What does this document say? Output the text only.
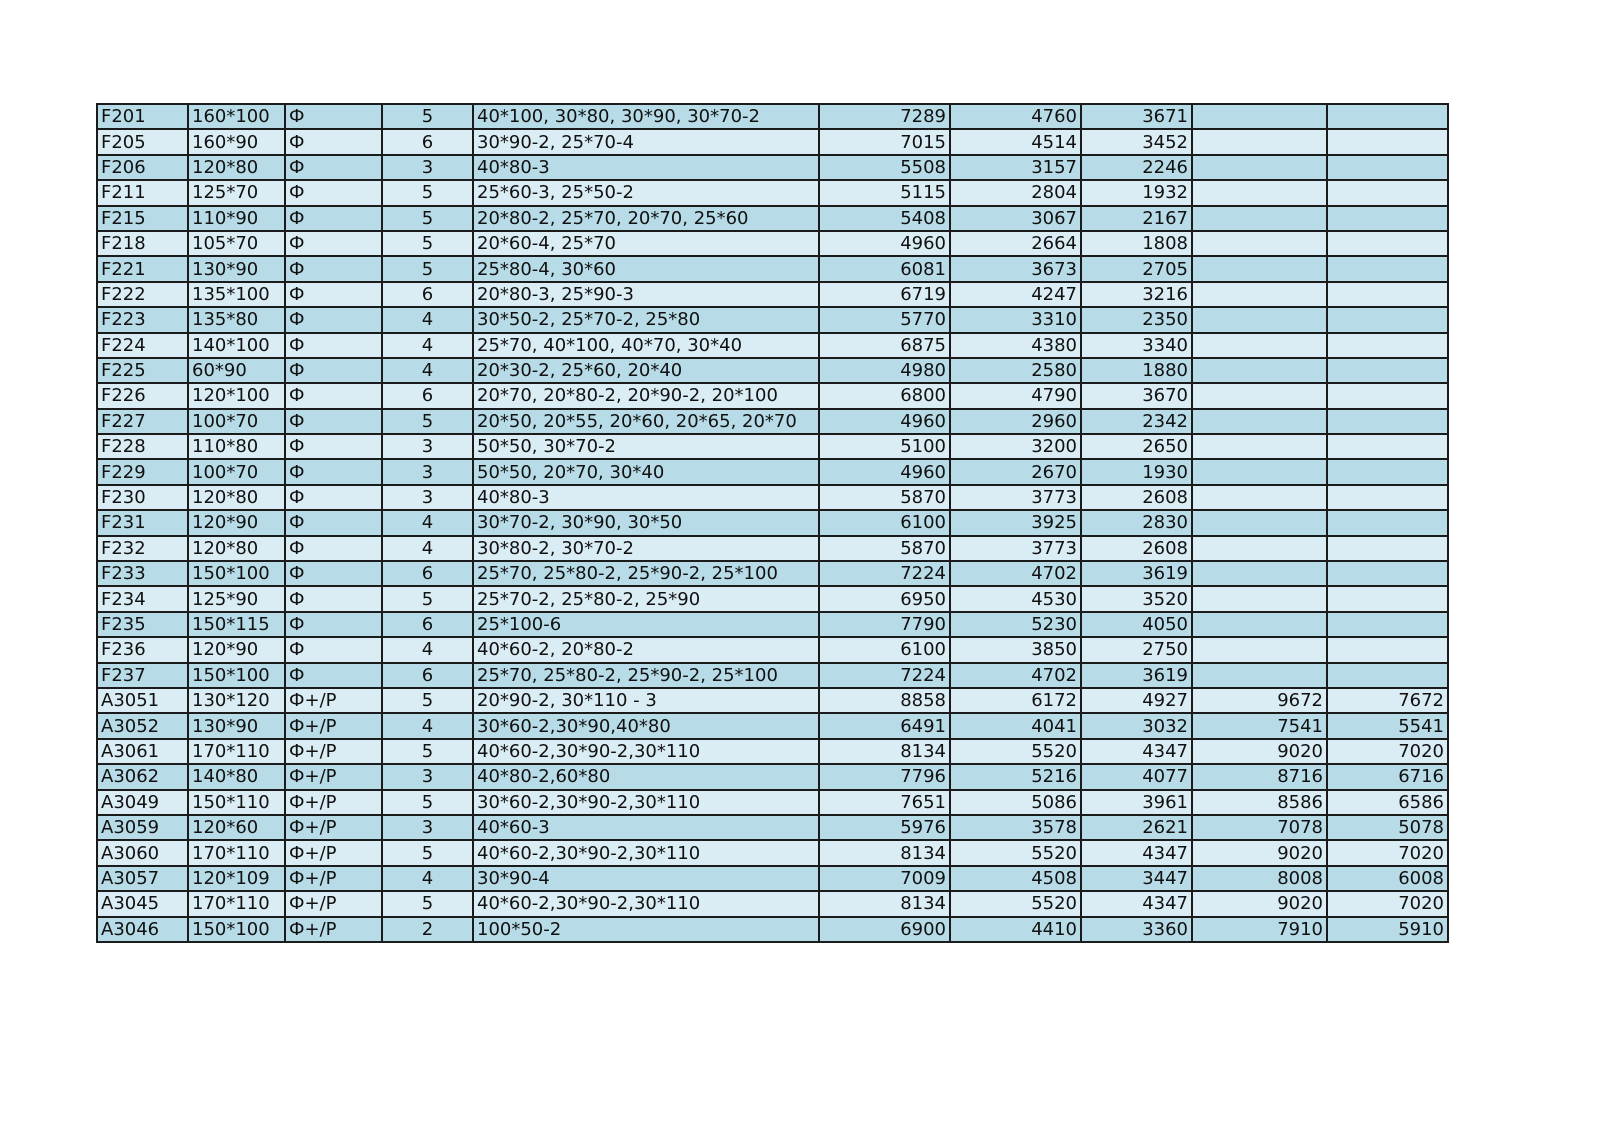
F201	160*100	Ф	5	40*100, 30*80, 30*90, 30*70-2	7289	4760	3671		
F205	160*90	Ф	6	30*90-2, 25*70-4	7015	4514	3452		
F206	120*80	Ф	3	40*80-3	5508	3157	2246		
F211	125*70	Ф	5	25*60-3, 25*50-2	5115	2804	1932		
F215	110*90	Ф	5	20*80-2, 25*70, 20*70, 25*60	5408	3067	2167		
F218	105*70	Ф	5	20*60-4, 25*70	4960	2664	1808		
F221	130*90	Ф	5	25*80-4, 30*60	6081	3673	2705		
F222	135*100	Ф	6	20*80-3, 25*90-3	6719	4247	3216		
F223	135*80	Ф	4	30*50-2, 25*70-2, 25*80	5770	3310	2350		
F224	140*100	Ф	4	25*70, 40*100, 40*70, 30*40	6875	4380	3340		
F225	60*90	Ф	4	20*30-2, 25*60, 20*40	4980	2580	1880		
F226	120*100	Ф	6	20*70, 20*80-2, 20*90-2, 20*100	6800	4790	3670		
F227	100*70	Ф	5	20*50, 20*55, 20*60, 20*65, 20*70	4960	2960	2342		
F228	110*80	Ф	3	50*50, 30*70-2	5100	3200	2650		
F229	100*70	Ф	3	50*50, 20*70, 30*40	4960	2670	1930		
F230	120*80	Ф	3	40*80-3	5870	3773	2608		
F231	120*90	Ф	4	30*70-2, 30*90, 30*50	6100	3925	2830		
F232	120*80	Ф	4	30*80-2, 30*70-2	5870	3773	2608		
F233	150*100	Ф	6	25*70, 25*80-2, 25*90-2, 25*100	7224	4702	3619		
F234	125*90	Ф	5	25*70-2, 25*80-2, 25*90	6950	4530	3520		
F235	150*115	Ф	6	25*100-6	7790	5230	4050		
F236	120*90	Ф	4	40*60-2, 20*80-2	6100	3850	2750		
F237	150*100	Ф	6	25*70, 25*80-2, 25*90-2, 25*100	7224	4702	3619		
A3051	130*120	Ф+/Р	5	20*90-2, 30*110 - 3	8858	6172	4927	9672	7672
A3052	130*90	Ф+/Р	4	30*60-2,30*90,40*80	6491	4041	3032	7541	5541
A3061	170*110	Ф+/Р	5	40*60-2,30*90-2,30*110	8134	5520	4347	9020	7020
A3062	140*80	Ф+/Р	3	40*80-2,60*80	7796	5216	4077	8716	6716
A3049	150*110	Ф+/Р	5	30*60-2,30*90-2,30*110	7651	5086	3961	8586	6586
A3059	120*60	Ф+/Р	3	40*60-3	5976	3578	2621	7078	5078
A3060	170*110	Ф+/Р	5	40*60-2,30*90-2,30*110	8134	5520	4347	9020	7020
A3057	120*109	Ф+/Р	4	30*90-4	7009	4508	3447	8008	6008
A3045	170*110	Ф+/Р	5	40*60-2,30*90-2,30*110	8134	5520	4347	9020	7020
A3046	150*100	Ф+/Р	2	100*50-2	6900	4410	3360	7910	5910
